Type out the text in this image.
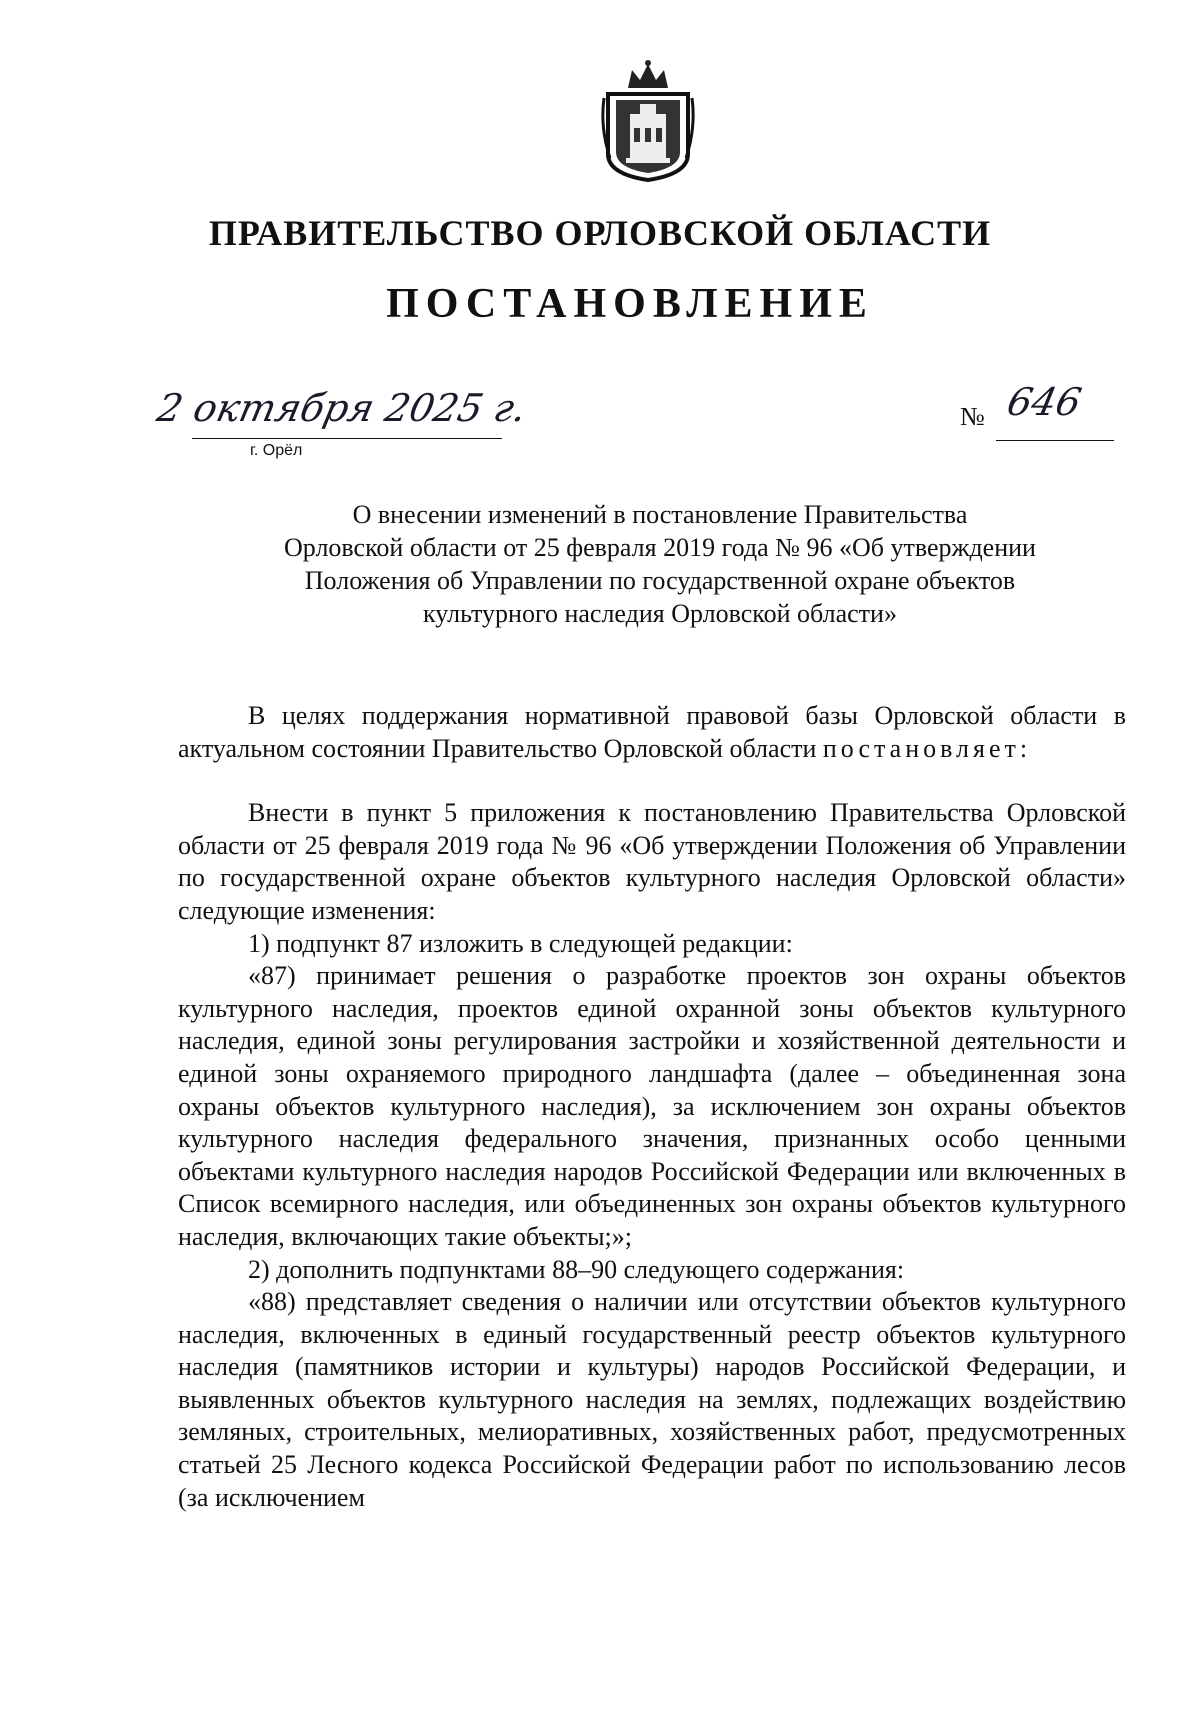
ПРАВИТЕЛЬСТВО ОРЛОВСКОЙ ОБЛАСТИ
ПОСТАНОВЛЕНИЕ
2 октября 2025 г.
г. Орёл
№ 646
О внесении изменений в постановление Правительства
Орловской области от 25 февраля 2019 года № 96 «Об утверждении
Положения об Управлении по государственной охране объектов
культурного наследия Орловской области»
В целях поддержания нормативной правовой базы Орловской области в актуальном состоянии Правительство Орловской области постановляет:
Внести в пункт 5 приложения к постановлению Правительства Орловской области от 25 февраля 2019 года № 96 «Об утверждении Положения об Управлении по государственной охране объектов культурного наследия Орловской области» следующие изменения:
1) подпункт 87 изложить в следующей редакции:
«87) принимает решения о разработке проектов зон охраны объектов культурного наследия, проектов единой охранной зоны объектов культурного наследия, единой зоны регулирования застройки и хозяйственной деятельности и единой зоны охраняемого природного ландшафта (далее – объединенная зона охраны объектов культурного наследия), за исключением зон охраны объектов культурного наследия федерального значения, признанных особо ценными объектами культурного наследия народов Российской Федерации или включенных в Список всемирного наследия, или объединенных зон охраны объектов культурного наследия, включающих такие объекты;»;
2) дополнить подпунктами 88–90 следующего содержания:
«88) представляет сведения о наличии или отсутствии объектов культурного наследия, включенных в единый государственный реестр объектов культурного наследия (памятников истории и культуры) народов Российской Федерации, и выявленных объектов культурного наследия на землях, подлежащих воздействию земляных, строительных, мелиоративных, хозяйственных работ, предусмотренных статьей 25 Лесного кодекса Российской Федерации работ по использованию лесов (за исключением
